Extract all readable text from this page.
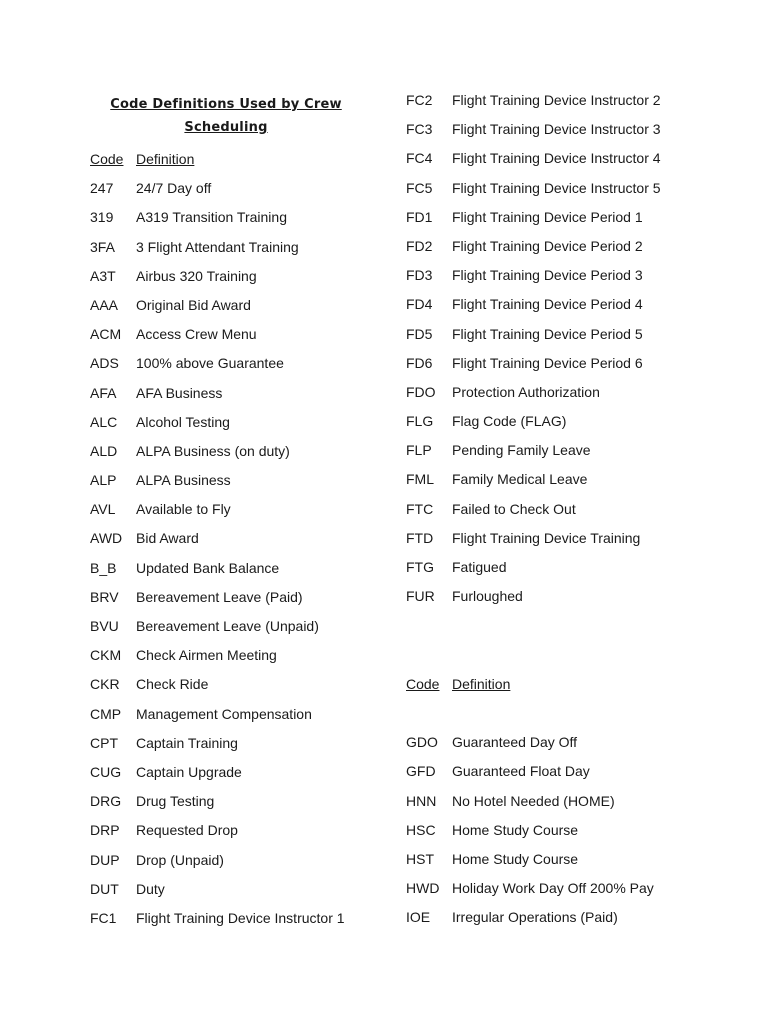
Code Definitions Used by Crew Scheduling
Code Definition
247	24/7 Day off
319	A319 Transition Training
3FA	3 Flight Attendant Training
A3T	Airbus 320 Training
AAA	Original Bid Award
ACM	Access Crew Menu
ADS	100% above Guarantee
AFA	AFA Business
ALC	Alcohol Testing
ALD	ALPA Business (on duty)
ALP	ALPA Business
AVL	Available to Fly
AWD Bid Award
B_B	Updated Bank Balance
BRV	Bereavement Leave (Paid)
BVU	Bereavement Leave (Unpaid)
CKM	Check Airmen Meeting
CKR	Check Ride
CMP	Management Compensation
CPT	Captain Training
CUG	Captain Upgrade
DRG	Drug Testing
DRP	Requested Drop
DUP	Drop (Unpaid)
DUT	Duty
FC1	Flight Training Device Instructor 1
FC2	Flight Training Device Instructor 2
FC3	Flight Training Device Instructor 3
FC4	Flight Training Device Instructor 4
FC5	Flight Training Device Instructor 5
FD1	Flight Training Device Period 1
FD2	Flight Training Device Period 2
FD3	Flight Training Device Period 3
FD4	Flight Training Device Period 4
FD5	Flight Training Device Period 5
FD6	Flight Training Device Period 6
FDO	Protection Authorization
FLG	Flag Code (FLAG)
FLP	Pending Family Leave
FML	Family Medical Leave
FTC	Failed to Check Out
FTD	Flight Training Device Training
FTG	Fatigued
FUR	Furloughed
Code Definition
GDO	Guaranteed Day Off
GFD	Guaranteed Float Day
HNN	No Hotel Needed (HOME)
HSC	Home Study Course
HST	Home Study Course
HWD Holiday Work Day Off 200% Pay
IOE	Irregular Operations (Paid)
